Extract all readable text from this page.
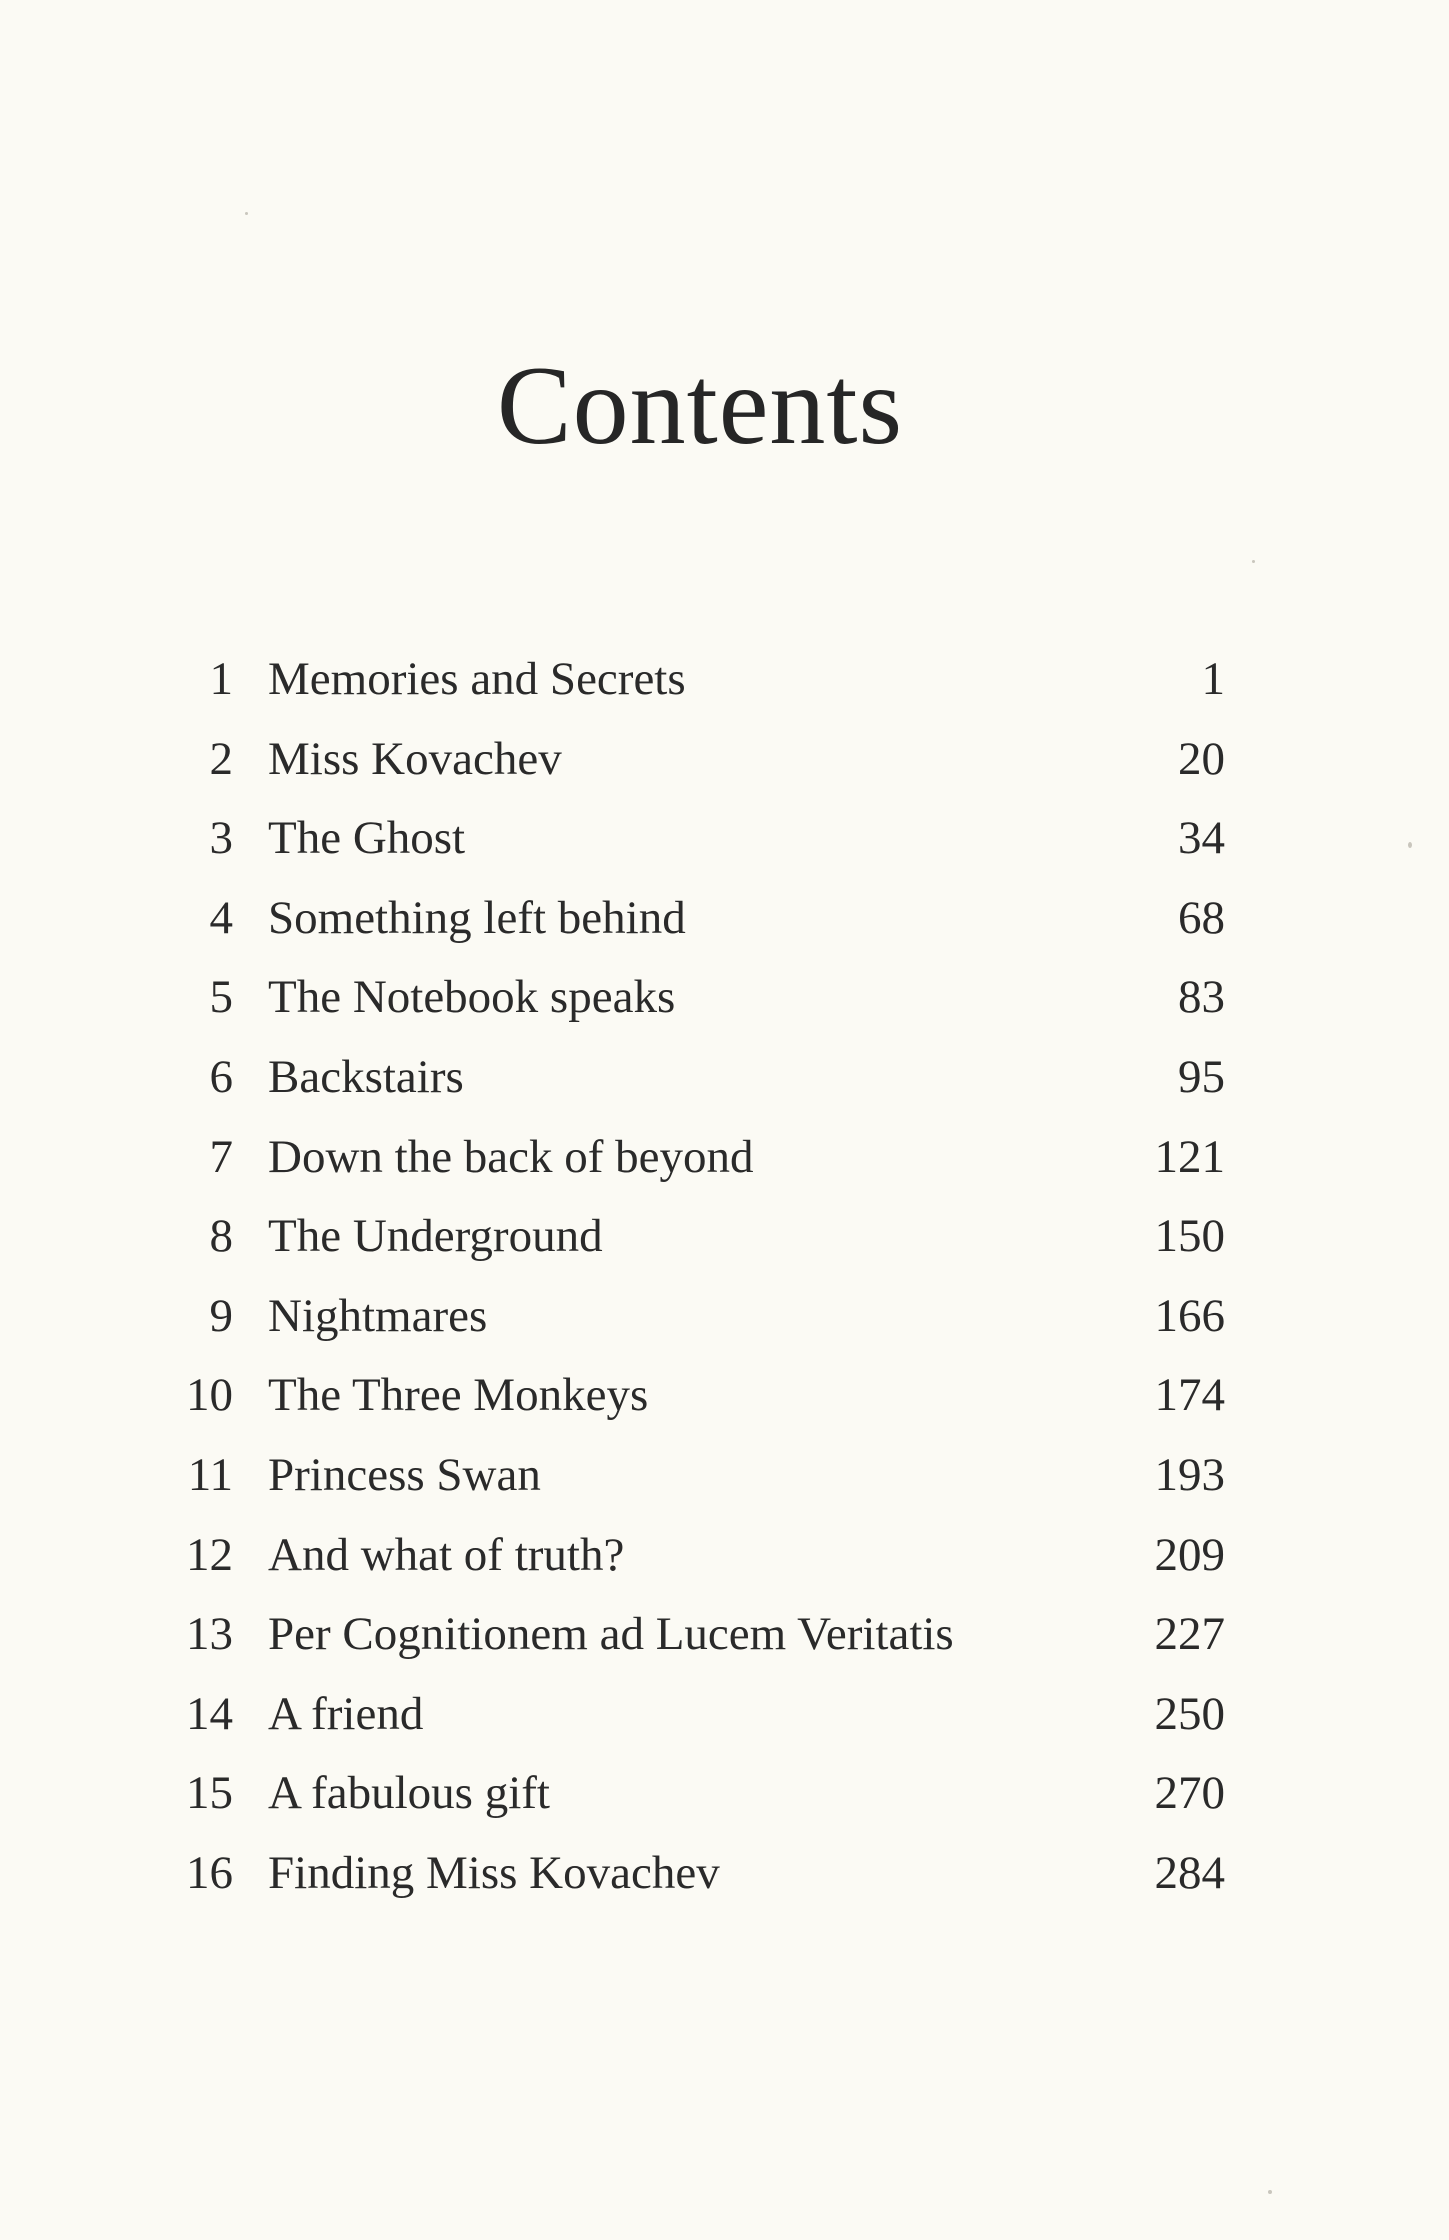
Contents
1 Memories and Secrets	1
2 Miss Kovachev	20
3 The Ghost	34
4 Something left behind	68
5 The Notebook speaks	83
6 Backstairs	95
7 Down the back of beyond	121
8 The Underground	150
9 Nightmares	166
10 The Three Monkeys	174
11 Princess Swan	193
12 And what of truth?	209
13 Per Cognitionem ad Lucem Veritatis	227
14 A friend	250
15 A fabulous gift	270
16 Finding Miss Kovachev	284
